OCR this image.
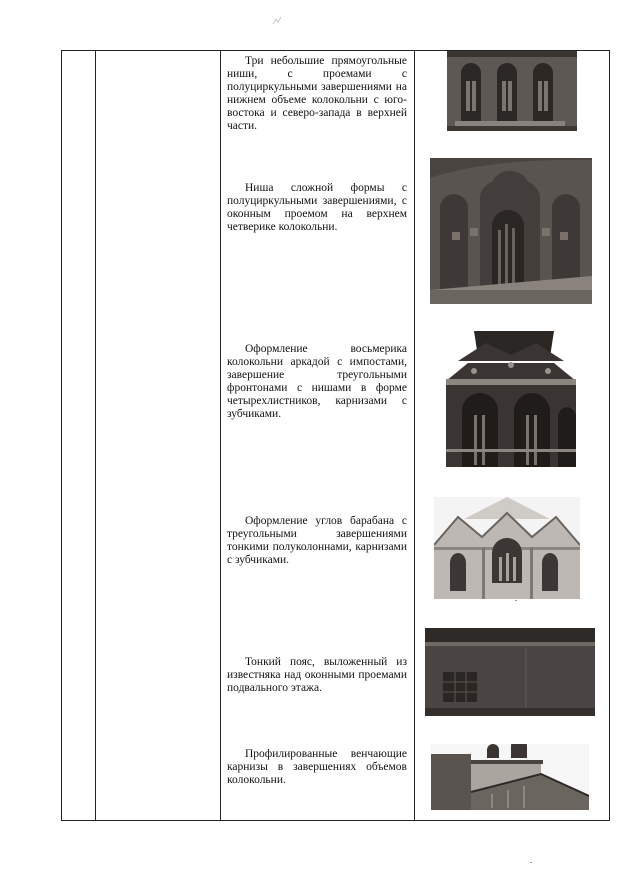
Три небольшие прямоугольные ниши, с проемами с полуциркульными завершениями на нижнем объеме колокольни с юго-востока и северо-запада в верхней части.

Ниша сложной формы с полуциркульными завершениями, с оконным проемом на верхнем четверике колокольни.

Оформление восьмерика колокольни аркадой с импостами, завершение треугольными фронтонами с нишами в форме четырехлистников, карнизами с зубчиками.

Оформление углов барабана с треугольными завершениями тонкими полуколоннами, карнизами с зубчиками.

Тонкий пояс, выложенный из известняка над оконными проемами подвального этажа.

Профилированные венчающие карнизы в завершениях объемов колокольни.
